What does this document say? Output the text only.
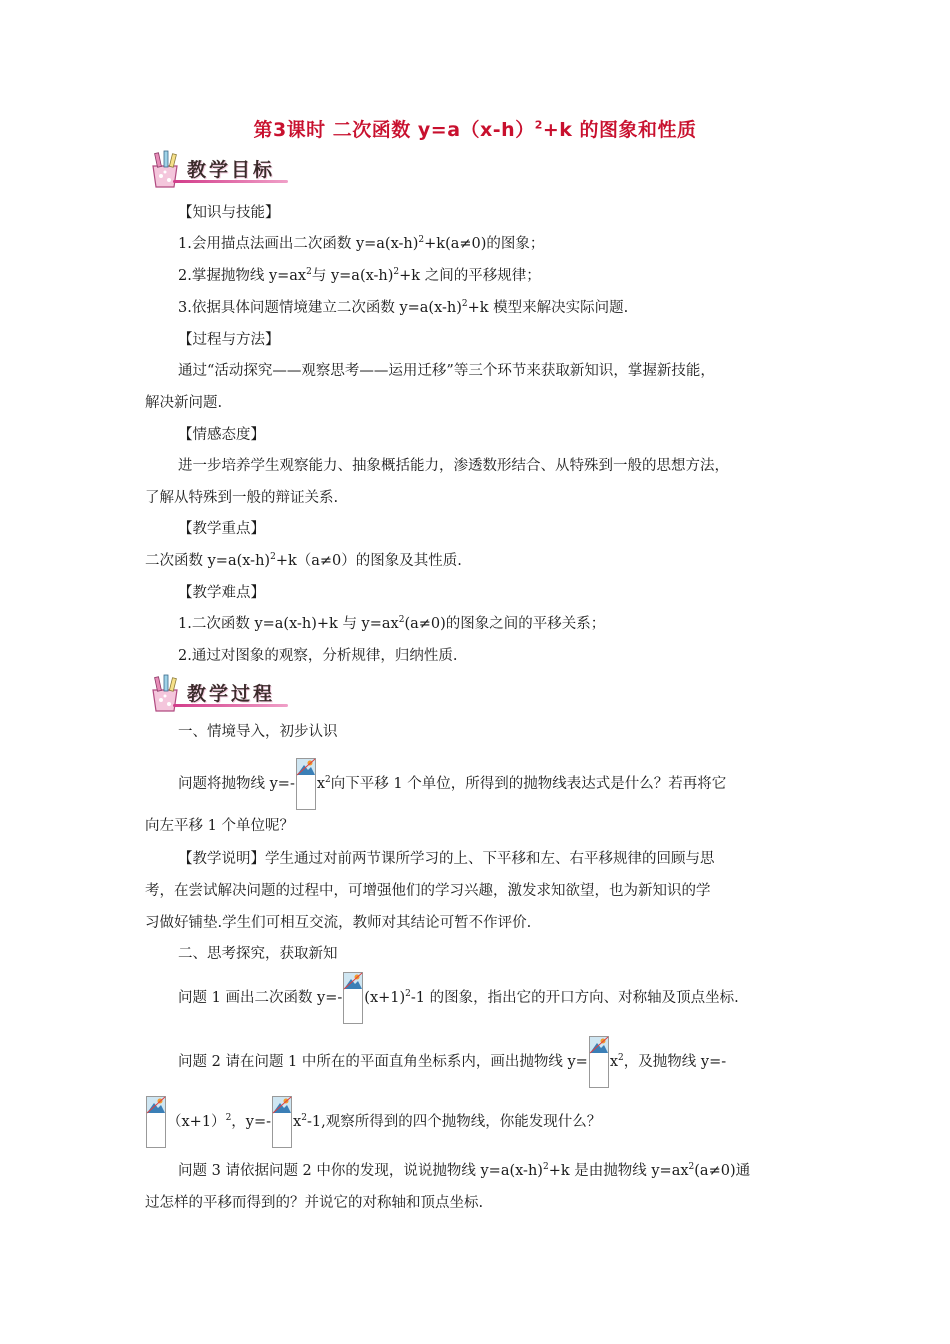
第3课时 二次函数 $y=a(x-h)^2+k$ 的图象和性质
教学目标
【知识与技能】
1.会用描点法画出二次函数 $y=a(x-h)^2+k(a\ne 0)$的图象；
2.掌握抛物线 $y=ax^2$与 $y=a(x-h)^2+k$ 之间的平移规律；
3.依据具体问题情境建立二次函数 $y=a(x-h)^2+k$ 模型来解决实际问题.
【过程与方法】
通过“活动探究——观察思考——运用迁移”等三个环节来获取新知识，掌握新技能，
解决新问题.
【情感态度】
进一步培养学生观察能力、抽象概括能力，渗透数形结合、从特殊到一般的思想方法，
了解从特殊到一般的辩证关系.
【教学重点】
二次函数 $y=a(x-h)^2+k(a\ne 0)$的图象及其性质.
【教学难点】
1.二次函数 y=a(x-h)+k 与 $y=ax^2(a\ne 0)$的图象之间的平移关系；
2.通过对图象的观察，分析规律，归纳性质.
教学过程
一、情境导入，初步认识
问题将抛物线 y=- $x^2$向下平移 1 个单位，所得到的抛物线表达式是什么？若再将它
向左平移 1 个单位呢？
【教学说明】学生通过对前两节课所学习的上、下平移和左、右平移规律的回顾与思
考，在尝试解决问题的过程中，可增强他们的学习兴趣，激发求知欲望，也为新知识的学
习做好铺垫.学生们可相互交流，教师对其结论可暂不作评价.
二、思考探究，获取新知
问题 1 画出二次函数 y=- $(x+1)^2-1$ 的图象，指出它的开口方向、对称轴及顶点坐标.
问题 2 请在问题 1 中所在的平面直角坐标系内，画出抛物线 $y= x^2$，及抛物线 y=-
$(x+1)^2$，y=- $x^2-1$,观察所得到的四个抛物线，你能发现什么？
问题 3 请依据问题 2 中你的发现，说说抛物线 $y=a(x-h)^2+k$ 是由抛物线 $y=ax^2(a\ne 0)$通
过怎样的平移而得到的？并说它的对称轴和顶点坐标.
